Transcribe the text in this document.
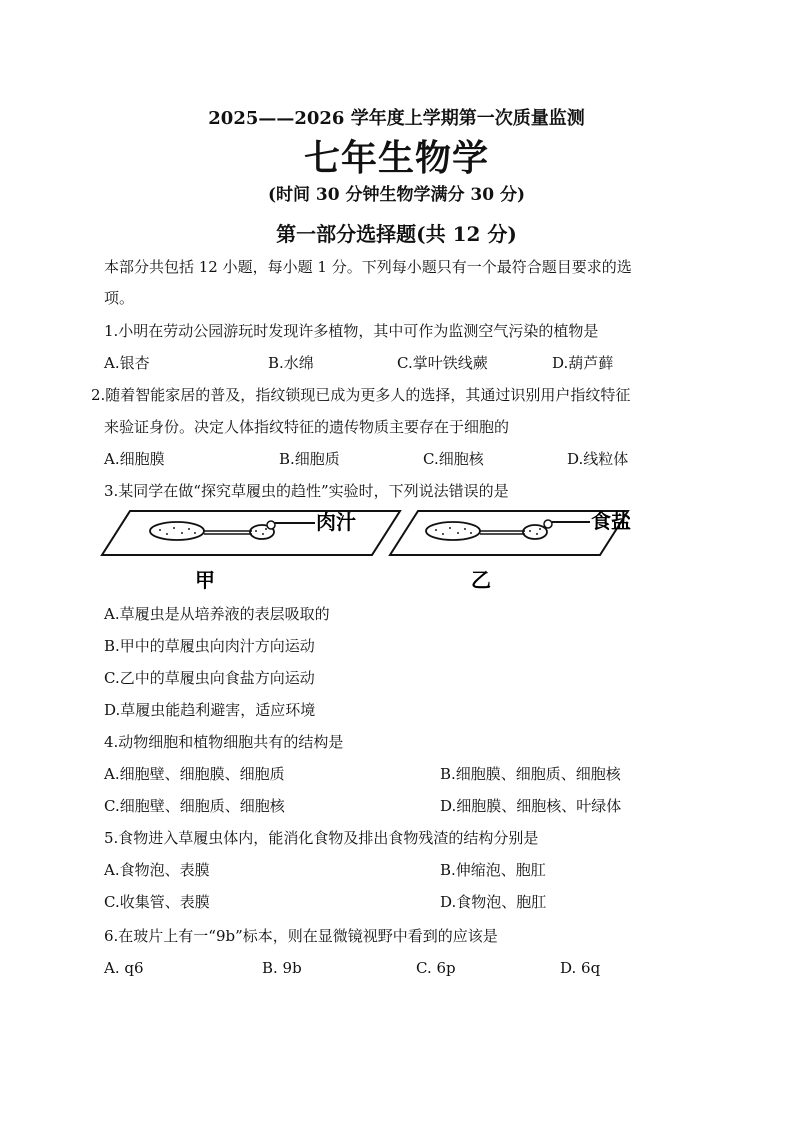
2025——2026 学年度上学期第一次质量监测
七年生物学
(时间 30 分钟生物学满分 30 分)
第一部分选择题(共 12 分)
本部分共包括 12 小题，每小题 1 分。下列每小题只有一个最符合题目要求的选
项。
1.小明在劳动公园游玩时发现许多植物，其中可作为监测空气污染的植物是
A.银杏	B.水绵	C.掌叶铁线蕨	D.葫芦藓
2.随着智能家居的普及，指纹锁现已成为更多人的选择，其通过识别用户指纹特征
来验证身份。决定人体指纹特征的遗传物质主要存在于细胞的
A.细胞膜	B.细胞质	C.细胞核	D.线粒体
3.某同学在做“探究草履虫的趋性”实验时，下列说法错误的是
肉汁
甲
食盐
乙
A.草履虫是从培养液的表层吸取的
B.甲中的草履虫向肉汁方向运动
C.乙中的草履虫向食盐方向运动
D.草履虫能趋利避害，适应环境
4.动物细胞和植物细胞共有的结构是
A.细胞壁、细胞膜、细胞质	B.细胞膜、细胞质、细胞核
C.细胞壁、细胞质、细胞核	D.细胞膜、细胞核、叶绿体
5.食物进入草履虫体内，能消化食物及排出食物残渣的结构分别是
A.食物泡、表膜	B.伸缩泡、胞肛
C.收集管、表膜	D.食物泡、胞肛
6.在玻片上有一“9b”标本，则在显微镜视野中看到的应该是
A. q6	B. 9b	C. 6p	D. 6q
